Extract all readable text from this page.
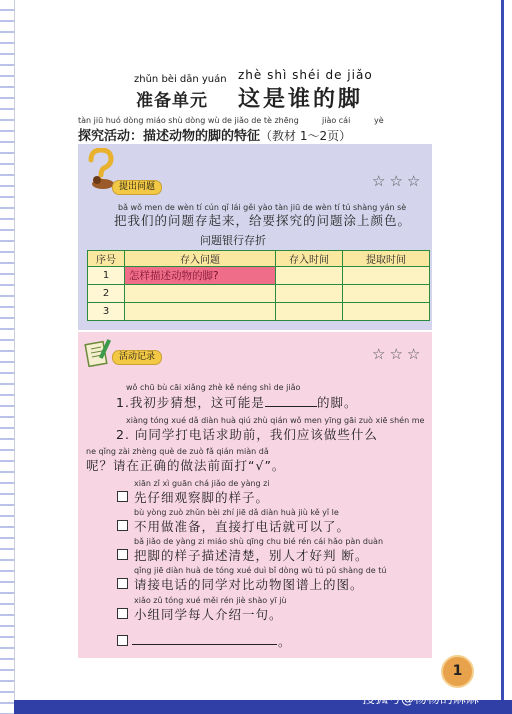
zhǔn bèi dān yuán
准备单元
zhè shì shéi de jiǎo
这是谁的脚
tàn jiū huó dòng miáo shù dòng wù de jiǎo de tè zhēng	jiào cái	yè
探究活动：描述动物的脚的特征（教材 1～2页）
提出问题	☆☆☆
bǎ wǒ men de wèn tí cún qǐ lái gěi yào tàn jiū de wèn tí tú shàng yán sè
把我们的问题存起来，给要探究的问题涂上颜色。
问题银行存折
序号	存入问题	存入时间	提取时间
1	怎样描述动物的脚?		
2			
3			
活动记录	☆☆☆
wǒ chū bù cāi xiǎng zhè kě néng shì de jiǎo
1.我初步猜想，这可能是	的脚。
xiàng tóng xué dǎ diàn huà qiú zhù qián wǒ men yīng gāi zuò xiē shén me
2. 向同学打电话求助前，我们应该做些什么
ne qǐng zài zhèng què de zuò fǎ qián miàn dǎ
呢？请在正确的做法前面打“√”。
xiān zǐ xì guān chá jiǎo de yàng zi
先仔细观察脚的样子。
bù yòng zuò zhǔn bèi zhí jiē dǎ diàn huà jiù kě yǐ le
不用做准备，直接打电话就可以了。
bǎ jiǎo de yàng zi miáo shù qīng chu bié rén cái hǎo pàn duàn
把脚的样子描述清楚，别人才好判 断。
qǐng jiē diàn huà de tóng xué duì bǐ dòng wù tú pǔ shàng de tú
请接电话的同学对比动物图谱上的图。
xiǎo zǔ tóng xué měi rén jiè shào yī jù
小组同学每人介绍一句。
。
1
搜狐号@杨杨的麻麻
